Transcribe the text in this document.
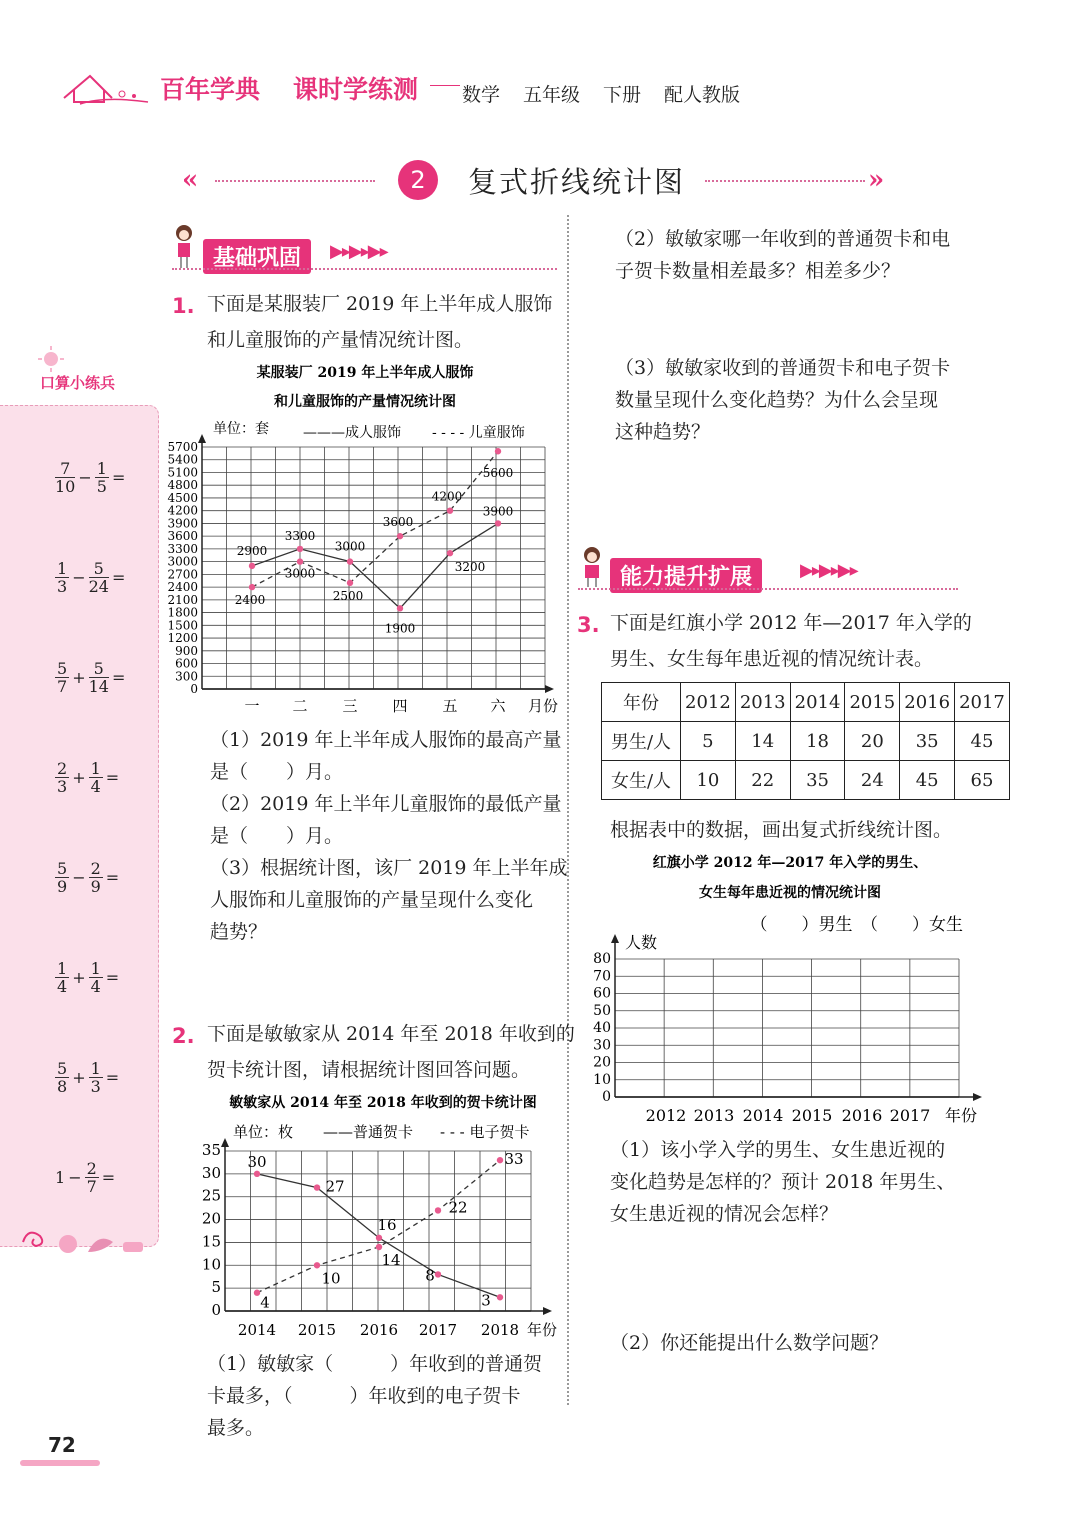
百年学典 课时学练测 数学 五年级 下册 配人教版
«	2	复式折线统计图	»
口算小练兵
$\frac{7}{10} - \frac{1}{5}$ =
$\frac{1}{3} - \frac{5}{24}$ =
$\frac{5}{7} + \frac{5}{14}$ =
$\frac{2}{3} + \frac{1}{4}$ =
$\frac{5}{9} - \frac{2}{9}$ =
$\frac{1}{4} + \frac{1}{4}$ =
$\frac{5}{8} + \frac{1}{3}$ =
$1 - \frac{2}{7}$ =
基础巩固	▶▸▶▸▶▸
1. 下面是某服装厂 2019 年上半年成人服饰
和儿童服饰的产量情况统计图。
某服装厂 2019 年上半年成人服饰
和儿童服饰的产量情况统计图
单位：套 ———成人服饰 - - - - 儿童服饰
0
300
600
900
1200
1500
1800
2100
2400
2700
3000
3300
3600
3900
4200
4500
4800
5100
5400
5700
一 二 三 四 五 六 月份
2900
3300
3000
1900
3200
3900
2400
3000
2500
3600
4200
5600
（1）2019 年上半年成人服饰的最高产量
是（　　）月。
（2）2019 年上半年儿童服饰的最低产量
是（　　）月。
（3）根据统计图，该厂 2019 年上半年成
人服饰和儿童服饰的产量呈现什么变化
趋势？
2. 下面是敏敏家从 2014 年至 2018 年收到的
贺卡统计图，请根据统计图回答问题。
敏敏家从 2014 年至 2018 年收到的贺卡统计图
单位：枚 ——普通贺卡 - - - 电子贺卡
0
5
10
15
20
25
30
35
2014 2015 2016 2017 2018 年份
30
27
16
8
3
4
10
14
22
33
（1）敏敏家（　　　）年收到的普通贺
卡最多，（　　　）年收到的电子贺卡
最多。
（2）敏敏家哪一年收到的普通贺卡和电
子贺卡数量相差最多？相差多少？
（3）敏敏家收到的普通贺卡和电子贺卡
数量呈现什么变化趋势？为什么会呈现
这种趋势？
能力提升扩展	▶▸▶▸▶▸
3. 下面是红旗小学 2012 年—2017 年入学的
男生、女生每年患近视的情况统计表。
年份	2012	2013	2014	2015	2016	2017
男生/人	5	14	18	20	35	45
女生/人	10	22	35	24	45	65
根据表中的数据，画出复式折线统计图。
红旗小学 2012 年—2017 年入学的男生、
女生每年患近视的情况统计图
（　　）男生　（　　）女生
人数
0
10
20
30
40
50
60
70
80
2012 2013 2014 2015 2016 2017 年份
（1）该小学入学的男生、女生患近视的
变化趋势是怎样的？预计 2018 年男生、
女生患近视的情况会怎样？
（2）你还能提出什么数学问题？
72
